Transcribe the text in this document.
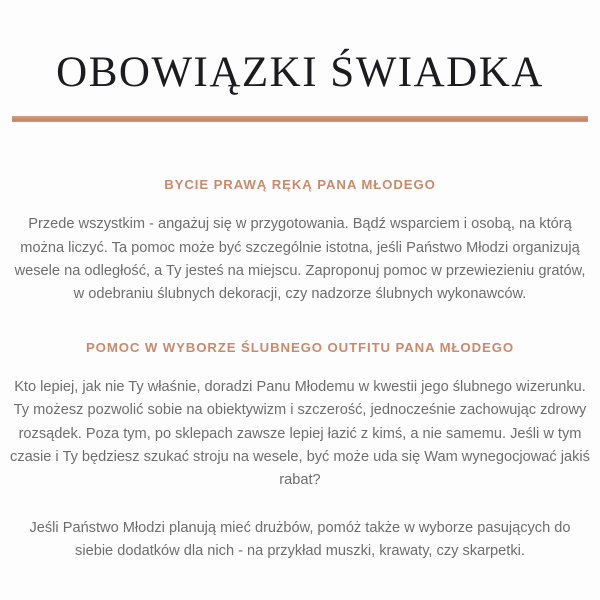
OBOWIĄZKI ŚWIADKA
BYCIE PRAWĄ RĘKĄ PANA MŁODEGO

Przede wszystkim - angażuj się w przygotowania. Bądź wsparciem i osobą, na którą można liczyć. Ta pomoc może być szczególnie istotna, jeśli Państwo Młodzi organizują wesele na odległość, a Ty jesteś na miejscu. Zaproponuj pomoc w przewiezieniu gratów, w odebraniu ślubnych dekoracji, czy nadzorze ślubnych wykonawców.

POMOC W WYBORZE ŚLUBNEGO OUTFITU PANA MŁODEGO

Kto lepiej, jak nie Ty właśnie, doradzi Panu Młodemu w kwestii jego ślubnego wizerunku. Ty możesz pozwolić sobie na obiektywizm i szczerość, jednocześnie zachowując zdrowy rozsądek. Poza tym, po sklepach zawsze lepiej łazić z kimś, a nie samemu. Jeśli w tym czasie i Ty będziesz szukać stroju na wesele, być może uda się Wam wynegocjować jakiś rabat?

Jeśli Państwo Młodzi planują mieć drużbów, pomóż także w wyborze pasujących do siebie dodatków dla nich - na przykład muszki, krawaty, czy skarpetki.
